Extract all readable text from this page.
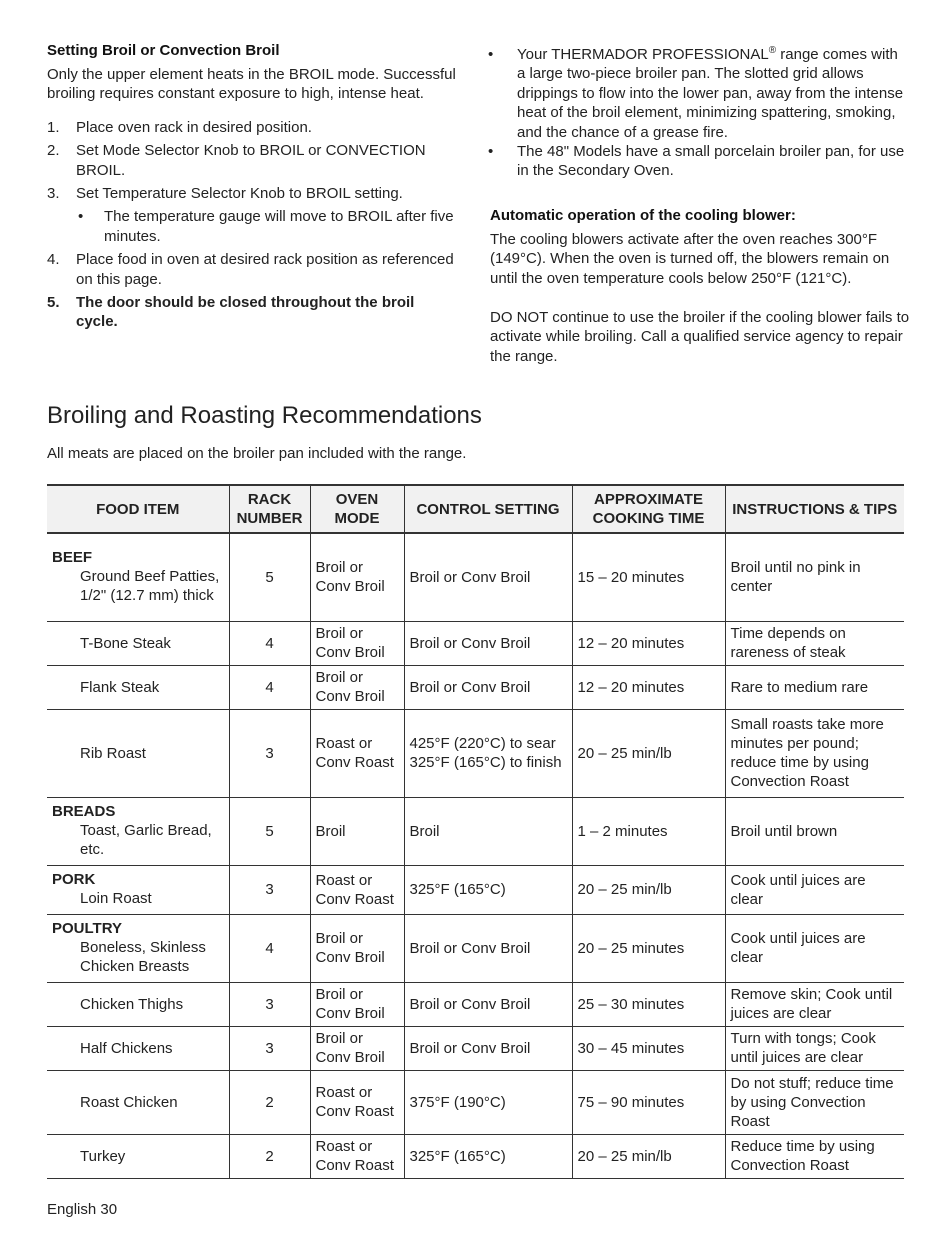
Setting Broil or Convection Broil

Only the upper element heats in the BROIL mode. Successful broiling requires constant exposure to high, intense heat.

1. Place oven rack in desired position.
2. Set Mode Selector Knob to BROIL or CONVECTION BROIL.
3. Set Temperature Selector Knob to BROIL setting.
• The temperature gauge will move to BROIL after five minutes.
4. Place food in oven at desired rack position as referenced on this page.
5. The door should be closed throughout the broil cycle.
• Your THERMADOR PROFESSIONAL® range comes with a large two-piece broiler pan. The slotted grid allows drippings to flow into the lower pan, away from the intense heat of the broil element, minimizing spattering, smoking, and the chance of a grease fire.
• The 48" Models have a small porcelain broiler pan, for use in the Secondary Oven.
Automatic operation of the cooling blower:

The cooling blowers activate after the oven reaches 300°F (149°C). When the oven is turned off, the blowers remain on until the oven temperature cools below 250°F (121°C).

DO NOT continue to use the broiler if the cooling blower fails to activate while broiling. Call a qualified service agency to repair the range.

Broiling and Roasting Recommendations
All meats are placed on the broiler pan included with the range.
FOOD ITEM	RACK NUMBER	OVEN MODE	CONTROL SETTING	APPROXIMATE COOKING TIME	INSTRUCTIONS & TIPS

BEEF
Ground Beef Patties, 1/2" (12.7 mm) thick	5	Broil or Conv Broil	Broil or Conv Broil	15 – 20 minutes	Broil until no pink in center
T-Bone Steak	4	Broil or Conv Broil	Broil or Conv Broil	12 – 20 minutes	Time depends on rareness of steak
Flank Steak	4	Broil or Conv Broil	Broil or Conv Broil	12 – 20 minutes	Rare to medium rare
Rib Roast	3	Roast or Conv Roast	425°F (220°C) to sear 325°F (165°C) to finish	20 – 25 min/lb	Small roasts take more minutes per pound; reduce time by using Convection Roast

BREADS
Toast, Garlic Bread, etc.	5	Broil	Broil	1 – 2 minutes	Broil until brown

PORK
Loin Roast	3	Roast or Conv Roast	325°F (165°C)	20 – 25 min/lb	Cook until juices are clear

POULTRY
Boneless, Skinless Chicken Breasts	4	Broil or Conv Broil	Broil or Conv Broil	20 – 25 minutes	Cook until juices are clear
Chicken Thighs	3	Broil or Conv Broil	Broil or Conv Broil	25 – 30 minutes	Remove skin; Cook until juices are clear
Half Chickens	3	Broil or Conv Broil	Broil or Conv Broil	30 – 45 minutes	Turn with tongs; Cook until juices are clear
Roast Chicken	2	Roast or Conv Roast	375°F (190°C)	75 – 90 minutes	Do not stuff; reduce time by using Convection Roast
Turkey	2	Roast or Conv Roast	325°F (165°C)	20 – 25 min/lb	Reduce time by using Convection Roast
English 30
